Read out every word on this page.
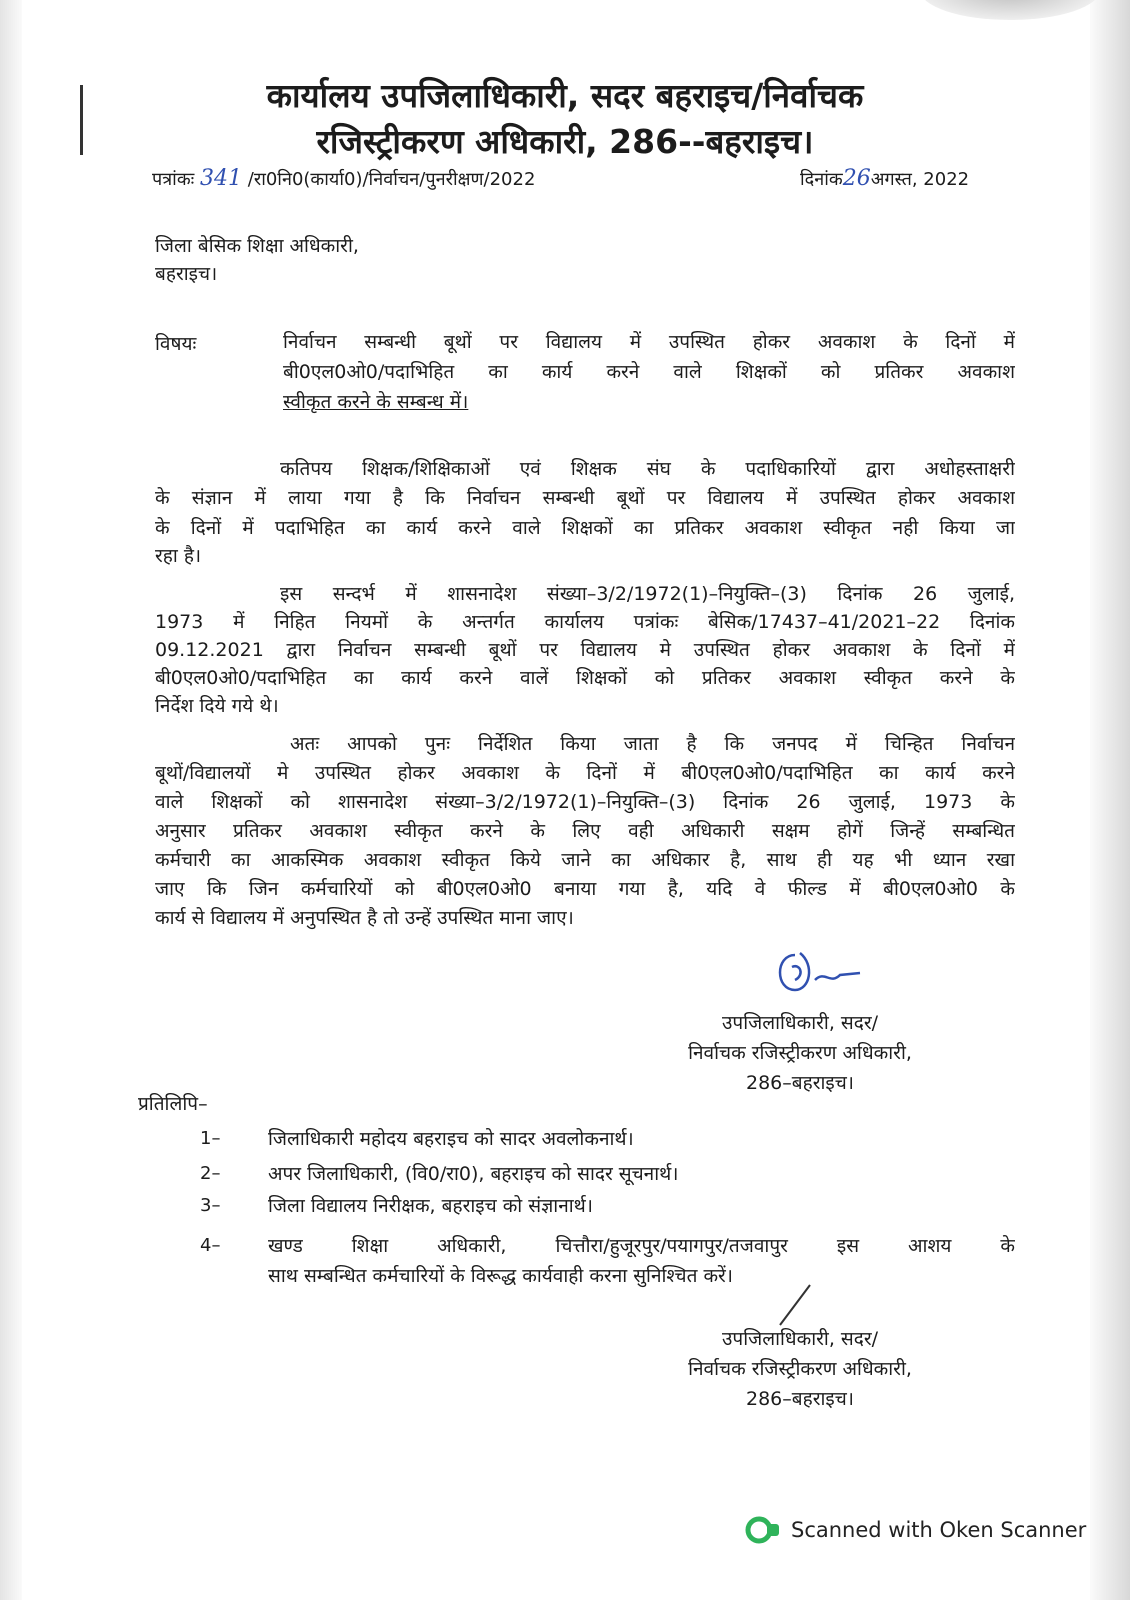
कार्यालय उपजिलाधिकारी, सदर बहराइच/निर्वाचक
रजिस्ट्रीकरण अधिकारी, 286--बहराइच।
पत्रांकः 341 /रा0नि0(कार्या0)/निर्वाचन/पुनरीक्षण/2022	दिनांक26अगस्त, 2022
जिला बेसिक शिक्षा अधिकारी,
बहराइच।
विषयः	निर्वाचन सम्बन्धी बूथों पर विद्यालय में उपस्थित होकर अवकाश के दिनों में
बी0एल0ओ0/पदाभिहित का कार्य करने वाले शिक्षकों को प्रतिकर अवकाश
स्वीकृत करने के सम्बन्ध में।
कतिपय शिक्षक/शिक्षिकाओं एवं शिक्षक संघ के पदाधिकारियों द्वारा अधोहस्ताक्षरी
के संज्ञान में लाया गया है कि निर्वाचन सम्बन्धी बूथों पर विद्यालय में उपस्थित होकर अवकाश
के दिनों में पदाभिहित का कार्य करने वाले शिक्षकों का प्रतिकर अवकाश स्वीकृत नही किया जा
रहा है।
इस सन्दर्भ में शासनादेश संख्या–3/2/1972(1)–नियुक्ति–(3) दिनांक 26 जुलाई,
1973 में निहित नियमों के अन्तर्गत कार्यालय पत्रांकः बेसिक/17437–41/2021–22 दिनांक
09.12.2021 द्वारा निर्वाचन सम्बन्धी बूथों पर विद्यालय मे उपस्थित होकर अवकाश के दिनों में
बी0एल0ओ0/पदाभिहित का कार्य करने वालें शिक्षकों को प्रतिकर अवकाश स्वीकृत करने के
निर्देश दिये गये थे।
अतः आपको पुनः निर्देशित किया जाता है कि जनपद में चिन्हित निर्वाचन
बूथों/विद्यालयों मे उपस्थित होकर अवकाश के दिनों में बी0एल0ओ0/पदाभिहित का कार्य करने
वाले शिक्षकों को शासनादेश संख्या–3/2/1972(1)–नियुक्ति–(3) दिनांक 26 जुलाई, 1973 के
अनुसार प्रतिकर अवकाश स्वीकृत करने के लिए वही अधिकारी सक्षम होगें जिन्हें सम्बन्धित
कर्मचारी का आकस्मिक अवकाश स्वीकृत किये जाने का अधिकार है, साथ ही यह भी ध्यान रखा
जाए कि जिन कर्मचारियों को बी0एल0ओ0 बनाया गया है, यदि वे फील्ड में बी0एल0ओ0 के
कार्य से विद्यालय में अनुपस्थित है तो उन्हें उपस्थित माना जाए।
उपजिलाधिकारी, सदर/
निर्वाचक रजिस्ट्रीकरण अधिकारी,
286–बहराइच।
प्रतिलिपि–
1–	जिलाधिकारी महोदय बहराइच को सादर अवलोकनार्थ।
2–	अपर जिलाधिकारी, (वि0/रा0), बहराइच को सादर सूचनार्थ।
3–	जिला विद्यालय निरीक्षक, बहराइच को संज्ञानार्थ।
4–	खण्ड शिक्षा अधिकारी, चित्तौरा/हुजूरपुर/पयागपुर/तजवापुर इस आशय के
साथ सम्बन्धित कर्मचारियों के विरूद्ध कार्यवाही करना सुनिश्चित करें।
उपजिलाधिकारी, सदर/
निर्वाचक रजिस्ट्रीकरण अधिकारी,
286–बहराइच।
Scanned with Oken Scanner
